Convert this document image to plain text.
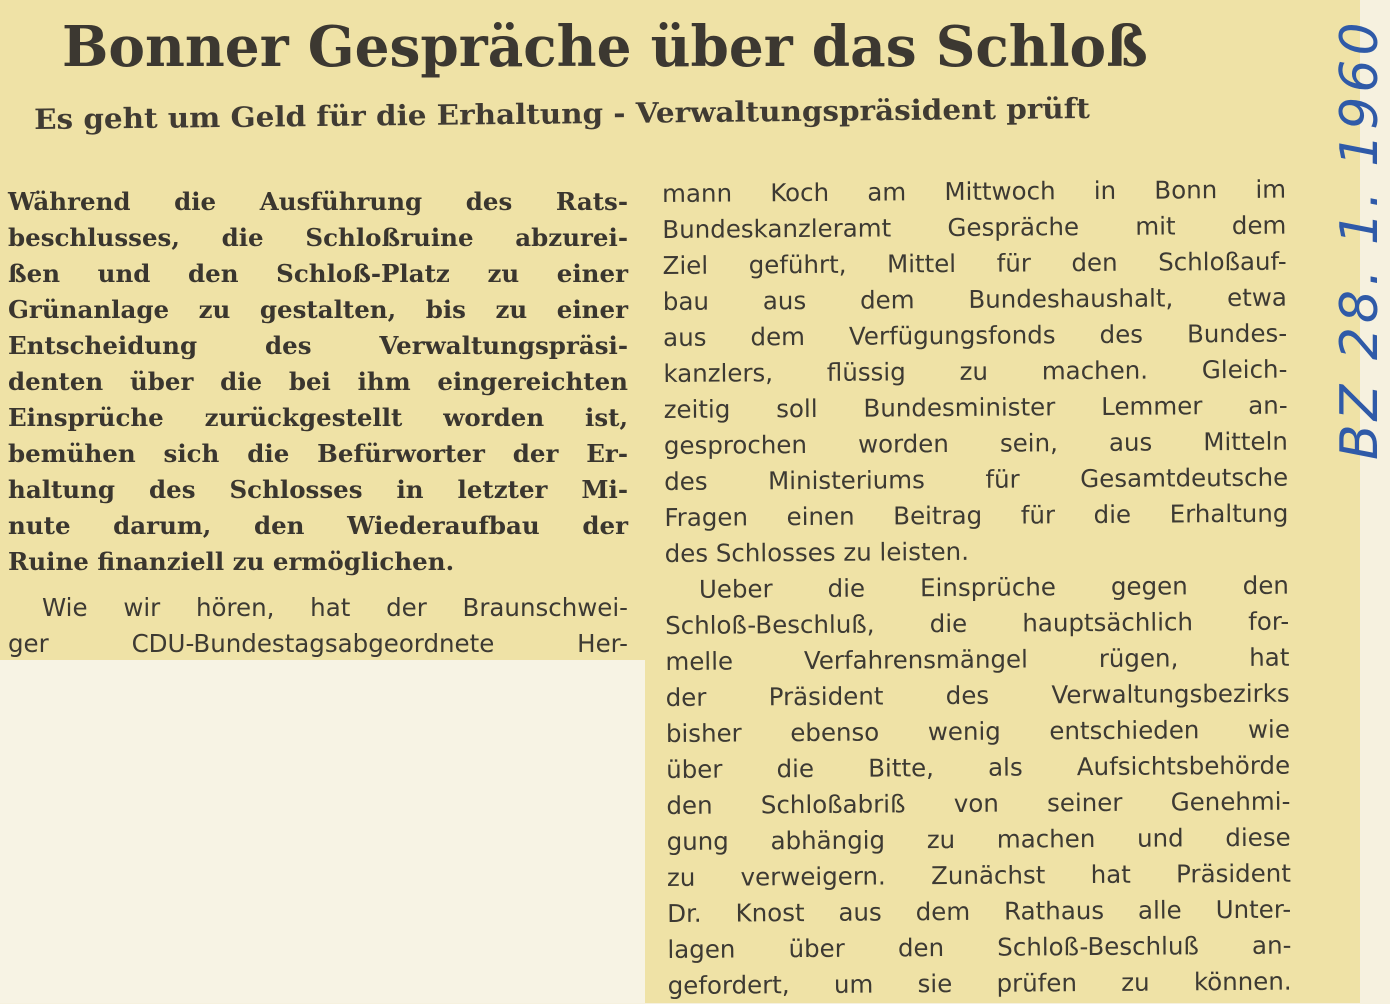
Bonner Gespräche über das Schloß
Es geht um Geld für die Erhaltung - Verwaltungspräsident prüft
Während die Ausführung des Rats-
beschlusses, die Schloßruine abzurei-
ßen und den Schloß-Platz zu einer
Grünanlage zu gestalten, bis zu einer
Entscheidung des Verwaltungspräsi-
denten über die bei ihm eingereichten
Einsprüche zurückgestellt worden ist,
bemühen sich die Befürworter der Er-
haltung des Schlosses in letzter Mi-
nute darum, den Wiederaufbau der
Ruine finanziell zu ermöglichen.
Wie wir hören, hat der Braunschwei-
ger CDU-Bundestagsabgeordnete Her-
mann Koch am Mittwoch in Bonn im
Bundeskanzleramt Gespräche mit dem
Ziel geführt, Mittel für den Schloßauf-
bau aus dem Bundeshaushalt, etwa
aus dem Verfügungsfonds des Bundes-
kanzlers, flüssig zu machen. Gleich-
zeitig soll Bundesminister Lemmer an-
gesprochen worden sein, aus Mitteln
des Ministeriums für Gesamtdeutsche
Fragen einen Beitrag für die Erhaltung
des Schlosses zu leisten.
Ueber die Einsprüche gegen den
Schloß-Beschluß, die hauptsächlich for-
melle Verfahrensmängel rügen, hat
der Präsident des Verwaltungsbezirks
bisher ebenso wenig entschieden wie
über die Bitte, als Aufsichtsbehörde
den Schloßabriß von seiner Genehmi-
gung abhängig zu machen und diese
zu verweigern. Zunächst hat Präsident
Dr. Knost aus dem Rathaus alle Unter-
lagen über den Schloß-Beschluß an-
gefordert, um sie prüfen zu können.
BZ 28. 1. 1960
